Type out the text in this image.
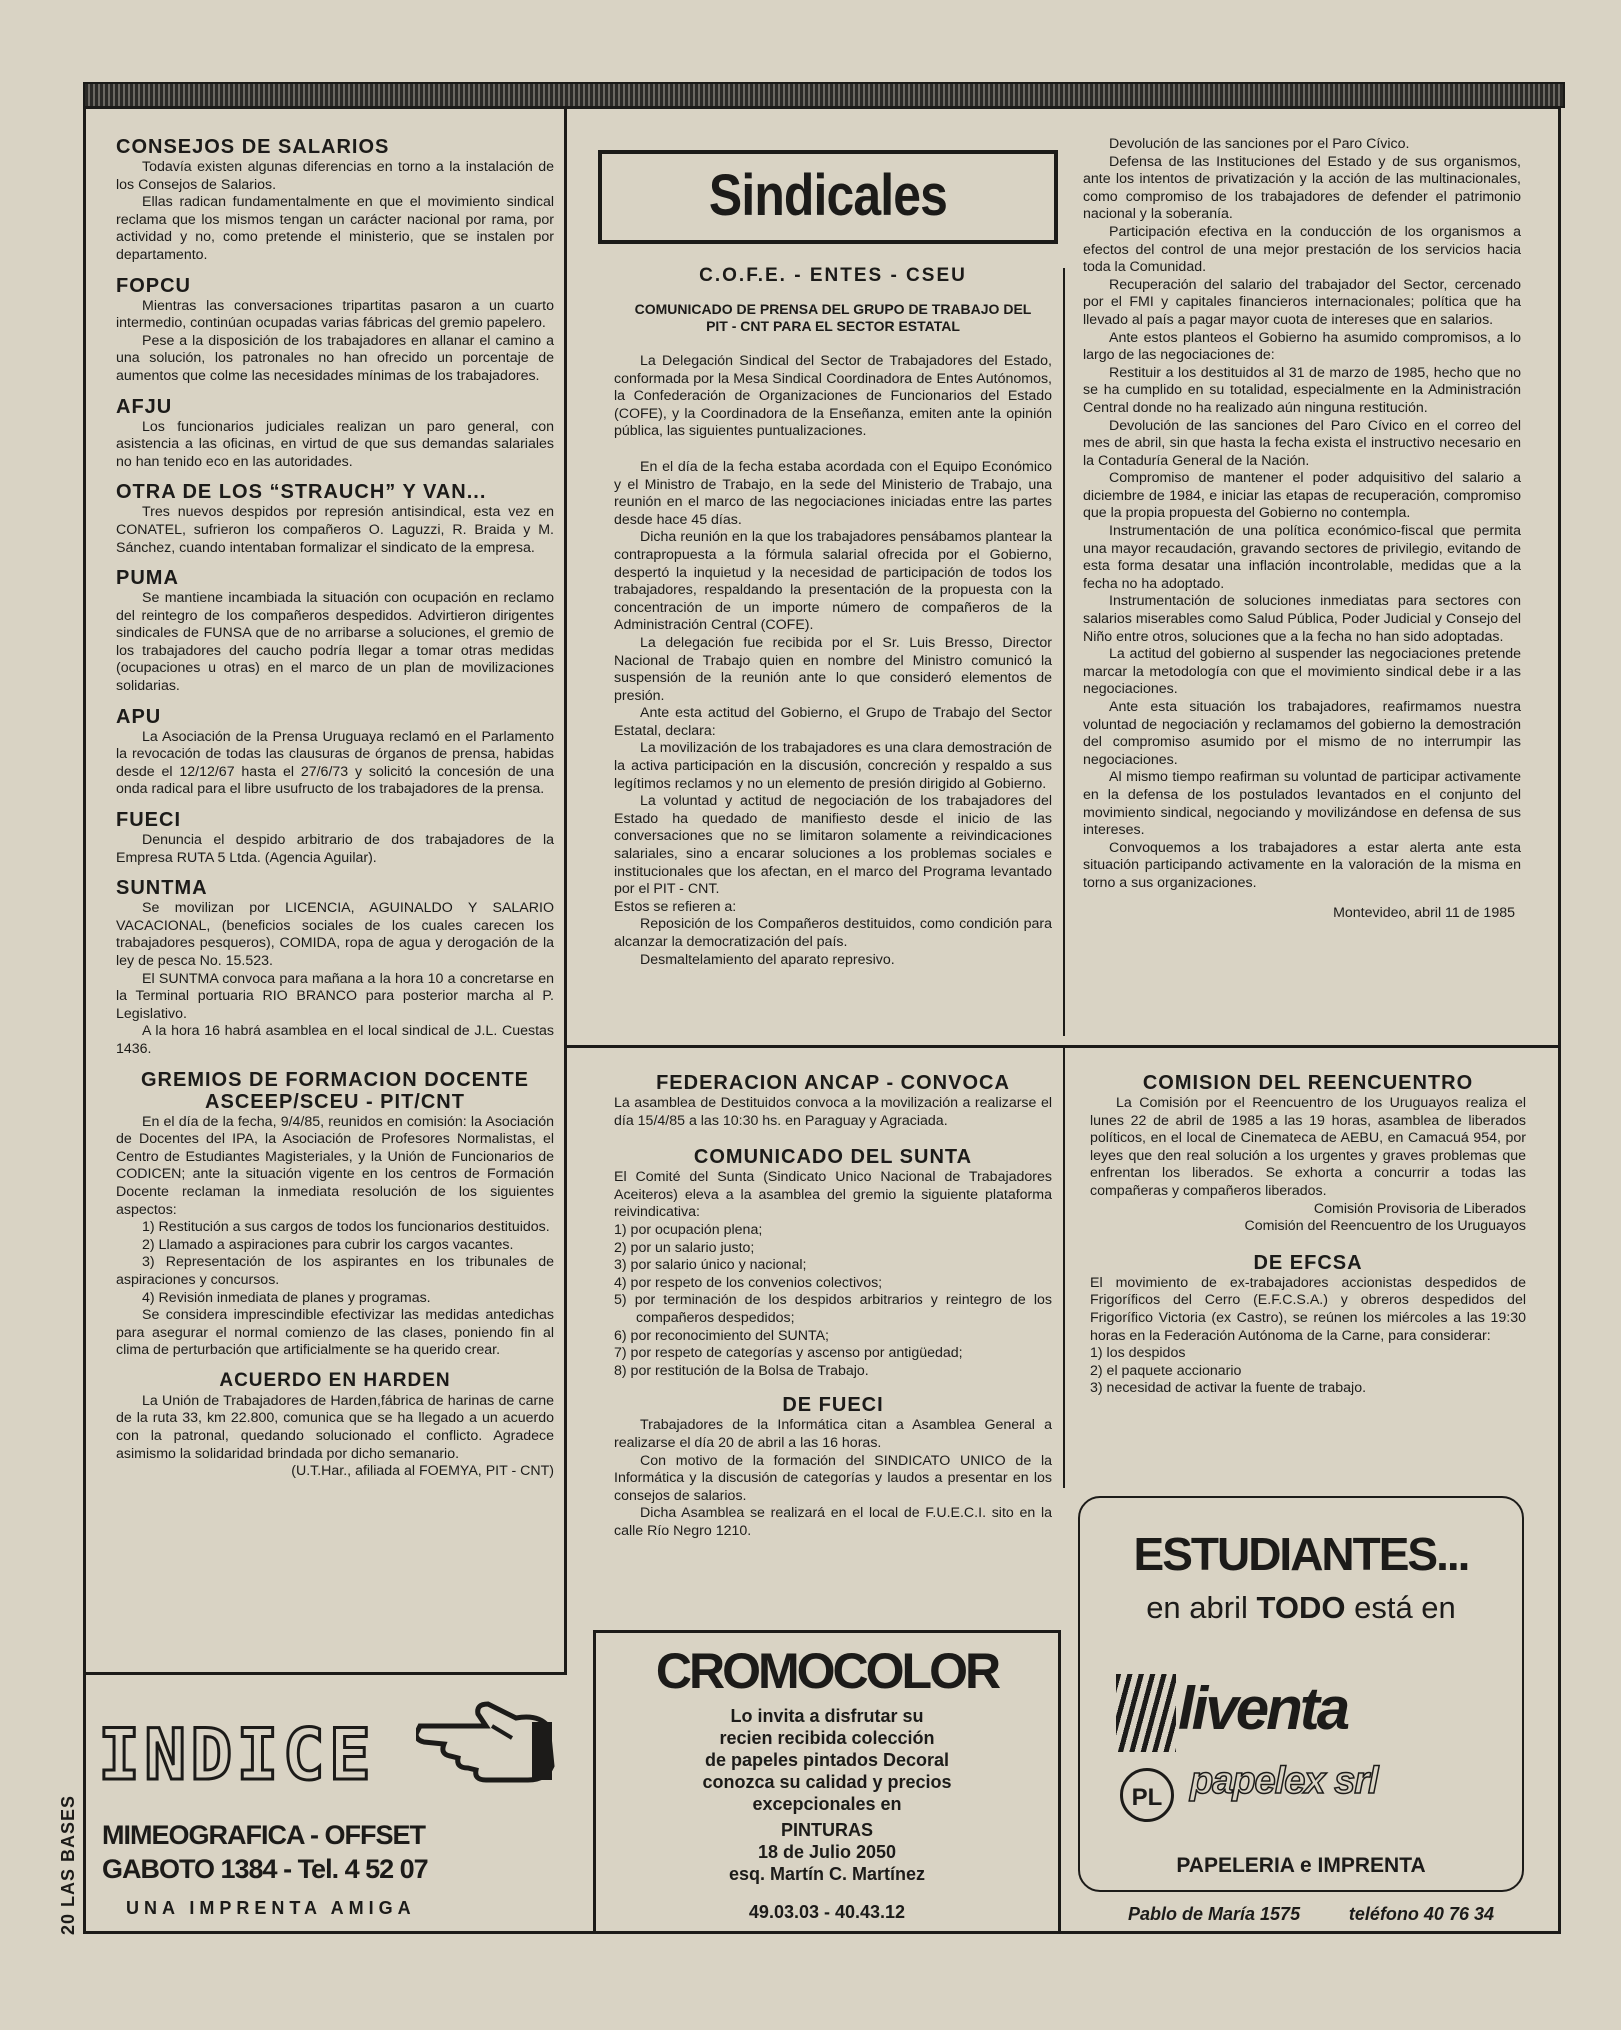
CONSEJOS DE SALARIOS

Todavía existen algunas diferencias en torno a la instalación de los Consejos de Salarios.

Ellas radican fundamentalmente en que el movimiento sindical reclama que los mismos tengan un carácter nacional por rama, por actividad y no, como pretende el ministerio, que se instalen por departamento.

FOPCU

Mientras las conversaciones tripartitas pasaron a un cuarto intermedio, continúan ocupadas varias fábricas del gremio papelero.

Pese a la disposición de los trabajadores en allanar el camino a una solución, los patronales no han ofrecido un porcentaje de aumentos que colme las necesidades mínimas de los trabajadores.

AFJU

Los funcionarios judiciales realizan un paro general, con asistencia a las oficinas, en virtud de que sus demandas salariales no han tenido eco en las autoridades.

OTRA DE LOS “STRAUCH” Y VAN...

Tres nuevos despidos por represión antisindical, esta vez en CONATEL, sufrieron los compañeros O. Laguzzi, R. Braida y M. Sánchez, cuando intentaban formalizar el sindicato de la empresa.

PUMA

Se mantiene incambiada la situación con ocupación en reclamo del reintegro de los compañeros despedidos. Advirtieron dirigentes sindicales de FUNSA que de no arribarse a soluciones, el gremio de los trabajadores del caucho podría llegar a tomar otras medidas (ocupaciones u otras) en el marco de un plan de movilizaciones solidarias.

APU

La Asociación de la Prensa Uruguaya reclamó en el Parlamento la revocación de todas las clausuras de órganos de prensa, habidas desde el 12/12/67 hasta el 27/6/73 y solicitó la concesión de una onda radical para el libre usufructo de los trabajadores de la prensa.

FUECI

Denuncia el despido arbitrario de dos trabajadores de la Empresa RUTA 5 Ltda. (Agencia Aguilar).

SUNTMA

Se movilizan por LICENCIA, AGUINALDO Y SALARIO VACACIONAL, (beneficios sociales de los cuales carecen los trabajadores pesqueros), COMIDA, ropa de agua y derogación de la ley de pesca No. 15.523.

El SUNTMA convoca para mañana a la hora 10 a concretarse en la Terminal portuaria RIO BRANCO para posterior marcha al P. Legislativo.

A la hora 16 habrá asamblea en el local sindical de J.L. Cuestas 1436.

GREMIOS DE FORMACION DOCENTE ASCEEP/SCEU - PIT/CNT

En el día de la fecha, 9/4/85, reunidos en comisión: la Asociación de Docentes del IPA, la Asociación de Profesores Normalistas, el Centro de Estudiantes Magisteriales, y la Unión de Funcionarios de CODICEN; ante la situación vigente en los centros de Formación Docente reclaman la inmediata resolución de los siguientes aspectos:

1) Restitución a sus cargos de todos los funcionarios destituidos.

2) Llamado a aspiraciones para cubrir los cargos vacantes.

3) Representación de los aspirantes en los tribunales de aspiraciones y concursos.

4) Revisión inmediata de planes y programas.

Se considera imprescindible efectivizar las medidas antedichas para asegurar el normal comienzo de las clases, poniendo fin al clima de perturbación que artificialmente se ha querido crear.

ACUERDO EN HARDEN

La Unión de Trabajadores de Harden,fábrica de harinas de carne de la ruta 33, km 22.800, comunica que se ha llegado a un acuerdo con la patronal, quedando solucionado el conflicto. Agradece asimismo la solidaridad brindada por dicho semanario.

(U.T.Har., afiliada al FOEMYA, PIT - CNT)
Sindicales
C.O.F.E. - ENTES - CSEU
COMUNICADO DE PRENSA DEL GRUPO DE TRABAJO DEL PIT - CNT PARA EL SECTOR ESTATAL

La Delegación Sindical del Sector de Trabajadores del Estado, conformada por la Mesa Sindical Coordinadora de Entes Autónomos, la Confederación de Organizaciones de Funcionarios del Estado (COFE), y la Coordinadora de la Enseñanza, emiten ante la opinión pública, las siguientes puntualizaciones.

En el día de la fecha estaba acordada con el Equipo Económico y el Ministro de Trabajo, en la sede del Ministerio de Trabajo, una reunión en el marco de las negociaciones iniciadas entre las partes desde hace 45 días.

Dicha reunión en la que los trabajadores pensábamos plantear la contrapropuesta a la fórmula salarial ofrecida por el Gobierno, despertó la inquietud y la necesidad de participación de todos los trabajadores, respaldando la presentación de la propuesta con la concentración de un importe número de compañeros de la Administración Central (COFE).

La delegación fue recibida por el Sr. Luis Bresso, Director Nacional de Trabajo quien en nombre del Ministro comunicó la suspensión de la reunión ante lo que consideró elementos de presión.

Ante esta actitud del Gobierno, el Grupo de Trabajo del Sector Estatal, declara:

La movilización de los trabajadores es una clara demostración de la activa participación en la discusión, concreción y respaldo a sus legítimos reclamos y no un elemento de presión dirigido al Gobierno.

La voluntad y actitud de negociación de los trabajadores del Estado ha quedado de manifiesto desde el inicio de las conversaciones que no se limitaron solamente a reivindicaciones salariales, sino a encarar soluciones a los problemas sociales e institucionales que los afectan, en el marco del Programa levantado por el PIT - CNT.

Estos se refieren a:

Reposición de los Compañeros destituidos, como condición para alcanzar la democratización del país.

Desmaltelamiento del aparato represivo.

Devolución de las sanciones por el Paro Cívico.

Defensa de las Instituciones del Estado y de sus organismos, ante los intentos de privatización y la acción de las multinacionales, como compromiso de los trabajadores de defender el patrimonio nacional y la soberanía.

Participación efectiva en la conducción de los organismos a efectos del control de una mejor prestación de los servicios hacia toda la Comunidad.

Recuperación del salario del trabajador del Sector, cercenado por el FMI y capitales financieros internacionales; política que ha llevado al país a pagar mayor cuota de intereses que en salarios.

Ante estos planteos el Gobierno ha asumido compromisos, a lo largo de las negociaciones de:

Restituir a los destituidos al 31 de marzo de 1985, hecho que no se ha cumplido en su totalidad, especialmente en la Administración Central donde no ha realizado aún ninguna restitución.

Devolución de las sanciones del Paro Cívico en el correo del mes de abril, sin que hasta la fecha exista el instructivo necesario en la Contaduría General de la Nación.

Compromiso de mantener el poder adquisitivo del salario a diciembre de 1984, e iniciar las etapas de recuperación, compromiso que la propia propuesta del Gobierno no contempla.

Instrumentación de una política económico-fiscal que permita una mayor recaudación, gravando sectores de privilegio, evitando de esta forma desatar una inflación incontrolable, medidas que a la fecha no ha adoptado.

Instrumentación de soluciones inmediatas para sectores con salarios miserables como Salud Pública, Poder Judicial y Consejo del Niño entre otros, soluciones que a la fecha no han sido adoptadas.

La actitud del gobierno al suspender las negociaciones pretende marcar la metodología con que el movimiento sindical debe ir a las negociaciones.

Ante esta situación los trabajadores, reafirmamos nuestra voluntad de negociación y reclamamos del gobierno la demostración del compromiso asumido por el mismo de no interrumpir las negociaciones.

Al mismo tiempo reafirman su voluntad de participar activamente en la defensa de los postulados levantados en el conjunto del movimiento sindical, negociando y movilizándose en defensa de sus intereses.

Convoquemos a los trabajadores a estar alerta ante esta situación participando activamente en la valoración de la misma en torno a sus organizaciones.

Montevideo, abril 11 de 1985
FEDERACION ANCAP - CONVOCA

La asamblea de Destituidos convoca a la movilización a realizarse el día 15/4/85 a las 10:30 hs. en Paraguay y Agraciada.

COMUNICADO DEL SUNTA

El Comité del Sunta (Sindicato Unico Nacional de Trabajadores Aceiteros) eleva a la asamblea del gremio la siguiente plataforma reivindicativa:

1) por ocupación plena;
2) por un salario justo;
3) por salario único y nacional;
4) por respeto de los convenios colectivos;
5) por terminación de los despidos arbitrarios y reintegro de los compañeros despedidos;
6) por reconocimiento del SUNTA;
7) por respeto de categorías y ascenso por antigüedad;
8) por restitución de la Bolsa de Trabajo.
DE FUECI

Trabajadores de la Informática citan a Asamblea General a realizarse el día 20 de abril a las 16 horas.

Con motivo de la formación del SINDICATO UNICO de la Informática y la discusión de categorías y laudos a presentar en los consejos de salarios.

Dicha Asamblea se realizará en el local de F.U.E.C.I. sito en la calle Río Negro 1210.

COMISION DEL REENCUENTRO

La Comisión por el Reencuentro de los Uruguayos realiza el lunes 22 de abril de 1985 a las 19 horas, asamblea de liberados políticos, en el local de Cinemateca de AEBU, en Camacuá 954, por leyes que den real solución a los urgentes y graves problemas que enfrentan los liberados. Se exhorta a concurrir a todas las compañeras y compañeros liberados.

Comisión Provisoria de Liberados
Comisión del Reencuentro de los Uruguayos
DE EFCSA

El movimiento de ex-trabajadores accionistas despedidos de Frigoríficos del Cerro (E.F.C.S.A.) y obreros despedidos del Frigorífico Victoria (ex Castro), se reúnen los miércoles a las 19:30 horas en la Federación Autónoma de la Carne, para considerar:

1) los despidos
2) el paquete accionario
3) necesidad de activar la fuente de trabajo.
INDICE
MIMEOGRAFICA - OFFSET
GABOTO 1384 - Tel. 4 52 07
UNA IMPRENTA AMIGA
CROMOCOLOR
Lo invita a disfrutar su
recien recibida colección
de papeles pintados Decoral
conozca su calidad y precios
excepcionales en
PINTURAS
18 de Julio 2050
esq. Martín C. Martínez
49.03.03 - 40.43.12
ESTUDIANTES...
en abril TODO está en
liventa
PL papelex srl
PAPELERIA e IMPRENTA
Pablo de María 1575	teléfono 40 76 34
20 LAS BASES
